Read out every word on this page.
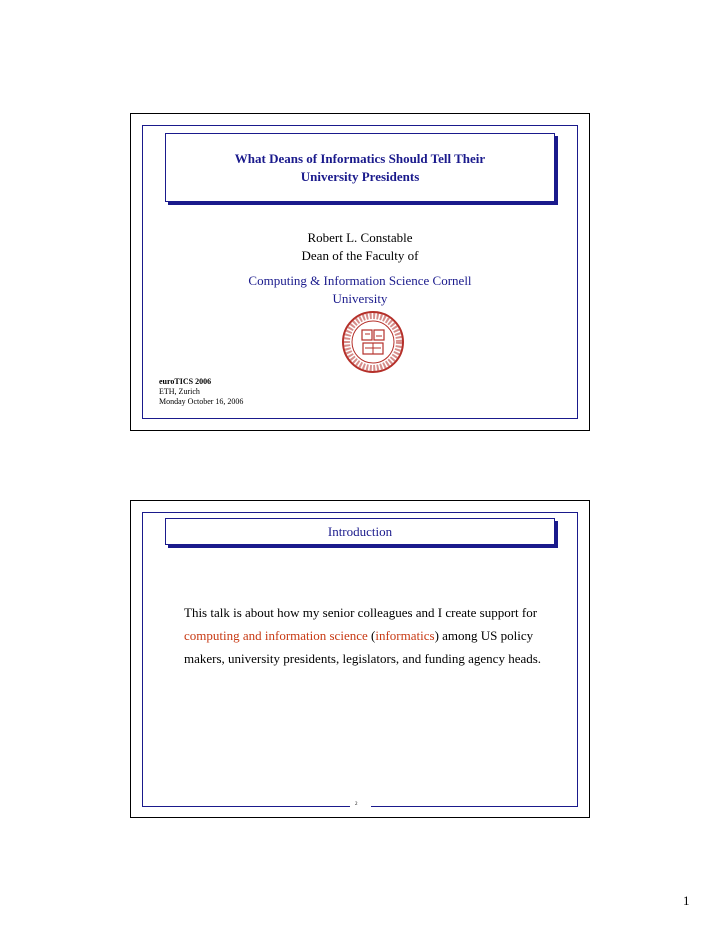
What Deans of Informatics Should Tell Their
University Presidents
Robert L. Constable
Dean of the Faculty of
Computing & Information Science Cornell
University
euroTICS 2006
ETH, Zurich
Monday October 16, 2006
Introduction
This talk is about how my senior colleagues and I create support for computing and information science (informatics) among US policy makers, university presidents, legislators, and funding agency heads.
2
1
